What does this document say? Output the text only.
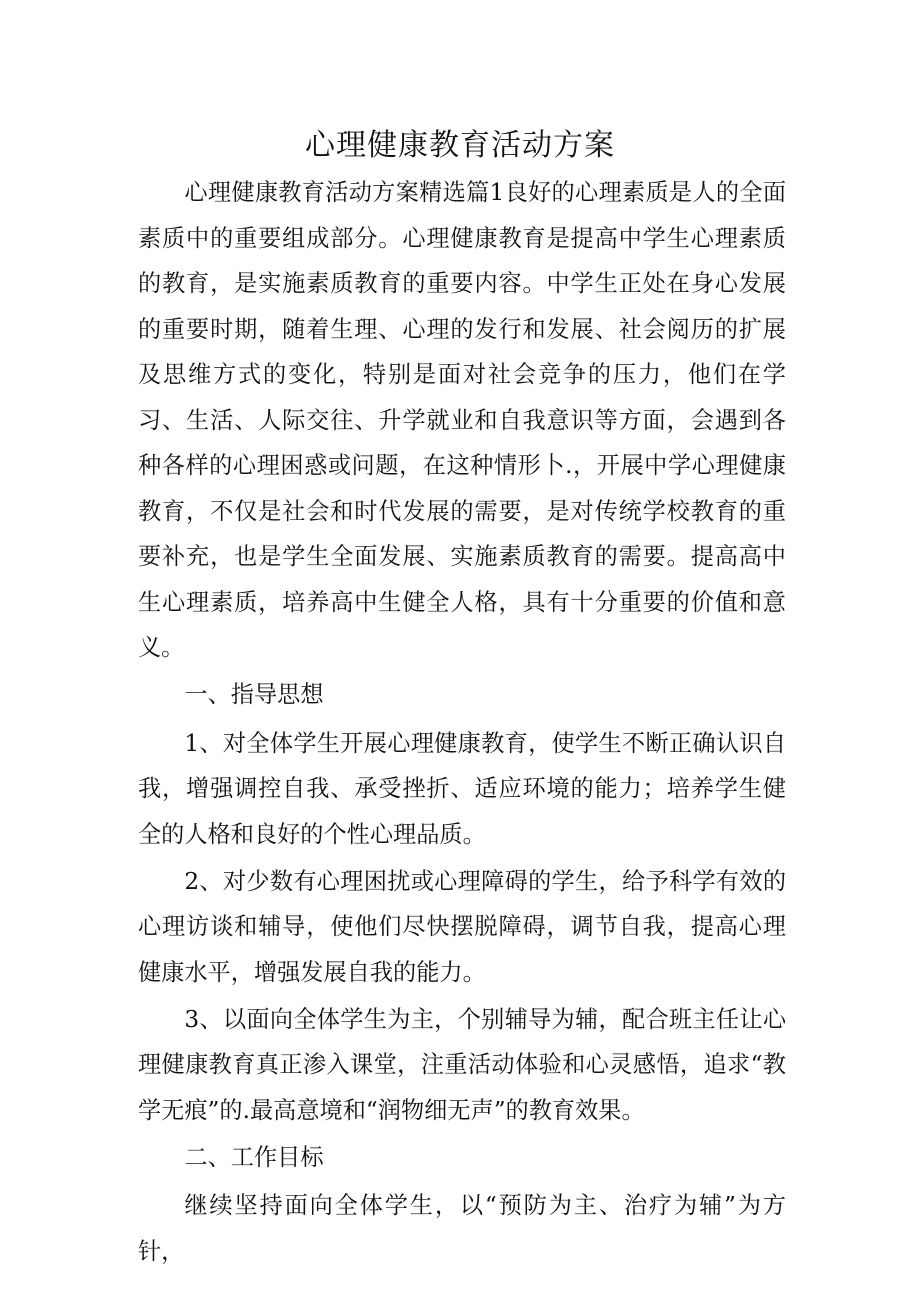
心理健康教育活动方案

心理健康教育活动方案精选篇1良好的心理素质是人的全面素质中的重要组成部分。心理健康教育是提高中学生心理素质的教育，是实施素质教育的重要内容。中学生正处在身心发展的重要时期，随着生理、心理的发行和发展、社会阅历的扩展及思维方式的变化，特别是面对社会竞争的压力，他们在学习、生活、人际交往、升学就业和自我意识等方面，会遇到各种各样的心理困惑或问题，在这种情形卜.，开展中学心理健康教育，不仅是社会和时代发展的需要，是对传统学校教育的重要补充，也是学生全面发展、实施素质教育的需要。提高高中生心理素质，培养高中生健全人格，具有十分重要的价值和意义。

一、指导思想

1、对全体学生开展心理健康教育，使学生不断正确认识自我，增强调控自我、承受挫折、适应环境的能力；培养学生健全的人格和良好的个性心理品质。

2、对少数有心理困扰或心理障碍的学生，给予科学有效的心理访谈和辅导，使他们尽快摆脱障碍，调节自我，提高心理健康水平，增强发展自我的能力。

3、以面向全体学生为主，个别辅导为辅，配合班主任让心理健康教育真正渗入课堂，注重活动体验和心灵感悟，追求“教学无痕”的.最高意境和“润物细无声”的教育效果。

二、工作目标

继续坚持面向全体学生，以“预防为主、治疗为辅”为方针，
